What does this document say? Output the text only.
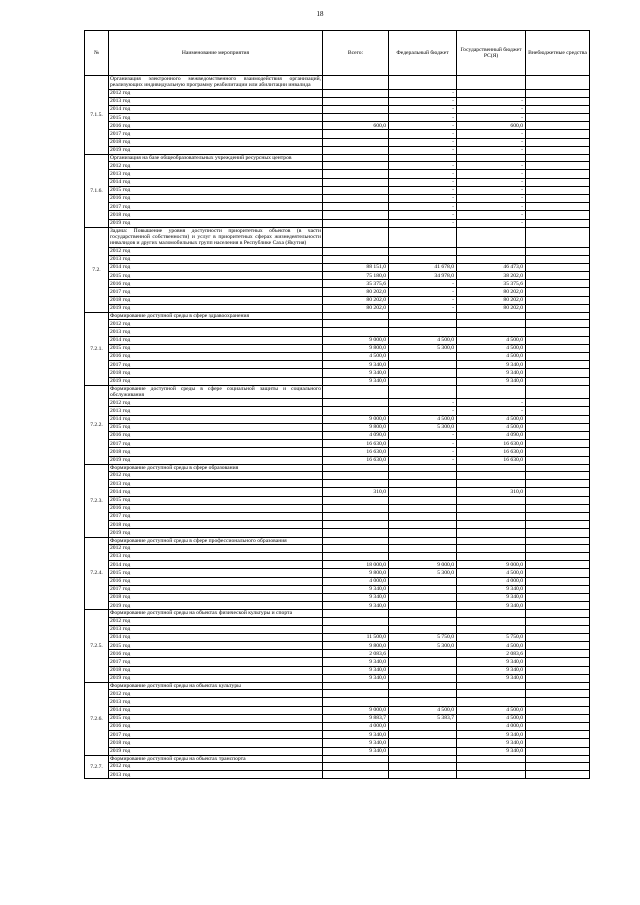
18
№	Наименование мероприятия	Всего:	Федеральный бюджет	Государственный бюджет РС(Я)	Внебюджетные средства
7.1.5.	Организация электронного межведомственного взаимодействия организаций, реализующих индивидуальную программу реабилитации или абилитации инвалида				
	2012 год		-		
	2013 год		-	-	
	2014 год		-	-	
	2015 год		-	-	
	2016 год	600,0	-	600,0	
	2017 год		-	-	
	2018 год		-	-	
	2019 год		-	-	
7.1.6.	Организация на базе общеобразовательных учреждений ресурсных центров				
	2012 год		-	-	
	2013 год		-	-	
	2014 год		-	-	
	2015 год		-	-	
	2016 год		-	-	
	2017 год		-	-	
	2018 год		-	-	
	2019 год		-	-	
7.2.	Задача: Повышение уровня доступности приоритетных объектов (в части государственной собственности) и услуг в приоритетных сферах жизнедеятельности инвалидов и других маломобильных групп населения в Республике Саха (Якутия)				
	2012 год				
	2013 год				
	2014 год	88 151,0	41 678,0	46 473,0	
	2015 год	75 180,0	34 978,0	38 202,0	
	2016 год	35 375,6	-	35 375,6	
	2017 год	80 202,0	-	80 202,0	
	2018 год	80 202,0	-	80 202,0	
	2019 год	80 202,0	-	80 202,0	
7.2.1.	Формирование доступной среды в сфере здравоохранения				
	2012 год				
	2013 год				
	2014 год	9 000,0	4 500,0	4 500,0	
	2015 год	9 800,0	5 300,0	4 500,0	
	2016 год	4 500,0		4 500,0	
	2017 год	9 340,0		9 340,0	
	2018 год	9 340,0		9 340,0	
	2019 год	9 340,0		9 340,0	
7.2.2.	Формирование доступной среды в сфере социальной защиты и социального обслуживания				
	2012 год		-	-	
	2013 год		-	-	
	2014 год	9 000,0	4 500,0	4 500,0	
	2015 год	9 800,0	5 300,0	4 500,0	
	2016 год	4 090,0	-	4 090,0	
	2017 год	16 630,0	-	16 630,0	
	2018 год	16 630,0	-	16 630,0	
	2019 год	16 630,0	-	16 630,0	
7.2.3.	Формирование доступной среды в сфере образования				
	2012 год				
	2013 год				
	2014 год	310,0		310,0	
	2015 год				
	2016 год				
	2017 год				
	2018 год				
	2019 год				
7.2.4.	Формирование доступной среды в сфере профессионального образования				
	2012 год				
	2013 год				
	2014 год	18 000,0	9 000,0	9 000,0	
	2015 год	9 800,0	5 300,0	4 500,0	
	2016 год	4 000,0		4 000,0	
	2017 год	9 340,0		9 340,0	
	2018 год	9 340,0		9 340,0	
	2019 год	9 340,0		9 340,0	
7.2.5.	Формирование доступной среды на объектах физической культуры и спорта				
	2012 год				
	2013 год				
	2014 год	11 500,0	5 750,0	5 750,0	
	2015 год	9 800,0	5 300,0	4 500,0	
	2016 год	2 083,6		2 083,6	
	2017 год	9 340,0		9 340,0	
	2018 год	9 340,0		9 340,0	
	2019 год	9 340,0		9 340,0	
7.2.6.	Формирование доступной среды на объектах культуры				
	2012 год				
	2013 год				
	2014 год	9 000,0	4 500,0	4 500,0	
	2015 год	9 883,7	5 383,7	4 500,0	
	2016 год	4 000,0		4 000,0	
	2017 год	9 340,0		9 340,0	
	2018 год	9 340,0		9 340,0	
	2019 год	9 340,0		9 340,0	
7.2.7.	Формирование доступной среды на объектах транспорта				
	2012 год				
	2013 год				
